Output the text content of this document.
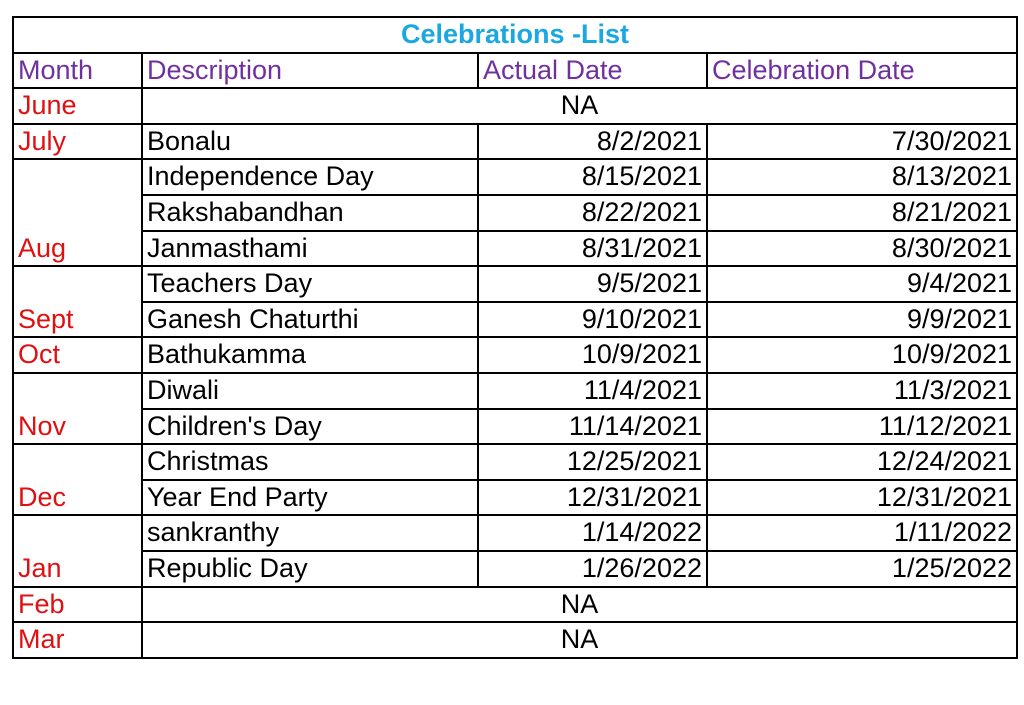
Celebrations -List			
Month	Description	Actual Date	Celebration Date
June	NA		
July	Bonalu	8/2/2021	7/30/2021
Aug	Independence Day	8/15/2021	8/13/2021
	Rakshabandhan	8/22/2021	8/21/2021
	Janmasthami	8/31/2021	8/30/2021
Sept	Teachers Day	9/5/2021	9/4/2021
	Ganesh Chaturthi	9/10/2021	9/9/2021
Oct	Bathukamma	10/9/2021	10/9/2021
Nov	Diwali	11/4/2021	11/3/2021
	Children's Day	11/14/2021	11/12/2021
Dec	Christmas	12/25/2021	12/24/2021
	Year End Party	12/31/2021	12/31/2021
Jan	sankranthy	1/14/2022	1/11/2022
	Republic Day	1/26/2022	1/25/2022
Feb	NA		
Mar	NA		
